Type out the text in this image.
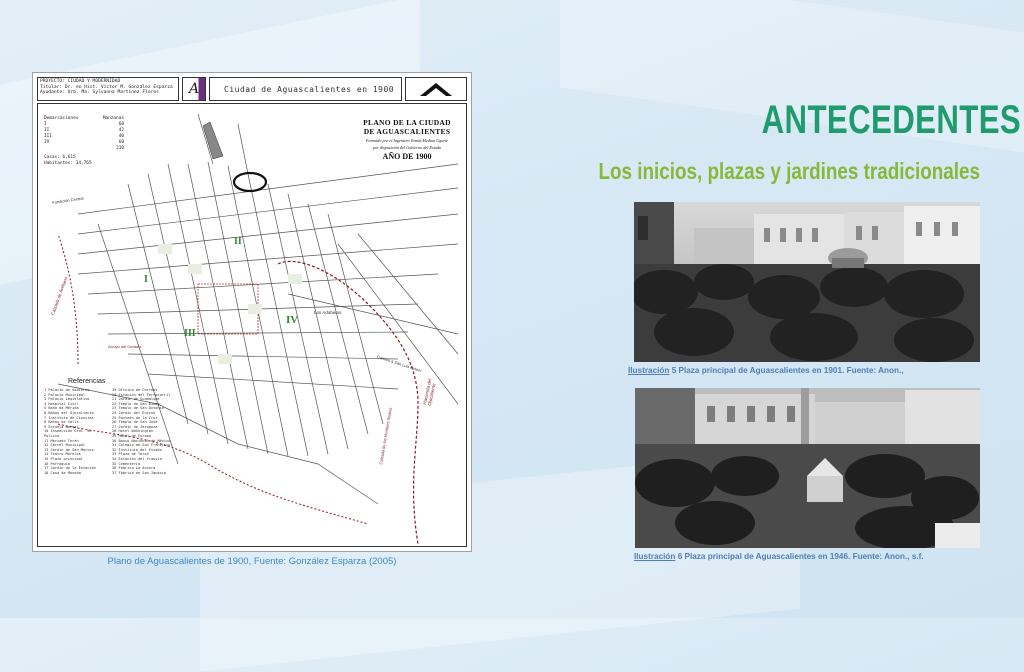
PROYECTO: CIUDAD Y MODERNIDAD
Titular: Dr. en Hist. Victor M. González Esparza
Ayudante: Urb. Ma. Sylvanna Martínez Flores	A	Ciudad de Aguascalientes en 1900
Demarcaciones	Manzanas
I	68
II	42
III	40
IV	60
210
Casas: 6,615
Habitantes: 34,765
PLANO DE LA CIUDAD
DE AGUASCALIENTES
Formado por el Ingeniero Tomás Medina Ugarte
por disposición del Gobierno del Estado
AÑO DE 1900
I
II
III
IV
Calzada de Arellano	Los Adoberos
Camino a San Luis Potosí
Hacienda del Ojocaliente
Fundición Central
Calzada de los Hombres Ilustres
Arroyo del Cedazo
Referencias
1 Palacio de Gobierno
2 Palacio Municipal
3 Palacio Legislativo
4 Hospital Civil
5 Baño de Mérida
6 Baños del Ojocaliente
7 Instituto de Ciencias
8 Baños de Valle
9 Escuela Normal
10 Inspección Gral. de Policía
11 Mercado Terán
12 Cárcel Municipal
13 Jardín de San Marcos
14 Teatro Morelos
15 Plaza principal
16 Parroquia
17 Jardín de la Estación
18 Casa de Moneda
19 Oficina de Correos
20 Estación del Ferrocarril
21 Jardín de Guadalupe
22 Templo de San Diego
23 Templo de San Antonio
24 Jardín del Encino
25 Panteón de la Cruz
26 Templo de San José
27 Jardín de Zaragoza
28 Hotel Washington
29 Hotel de Europa
30 Banco Nacional de México
31 Colegio de San Francisco
32 Instituto del Estado
33 Plaza de Toros
34 Estación del tranvía
35 Cementerio
36 Fábrica La Aurora
37 Fábrica de San Ignacio
Plano de Aguascalientes de 1900, Fuente: González Esparza (2005)
ANTECEDENTES
Los inicios, plazas y jardines tradicionales
Ilustración 5 Plaza principal de Aguascalientes en 1901. Fuente: Anon.,
Ilustración 6 Plaza principal de Aguascalientes en 1946. Fuente: Anon., s.f.
